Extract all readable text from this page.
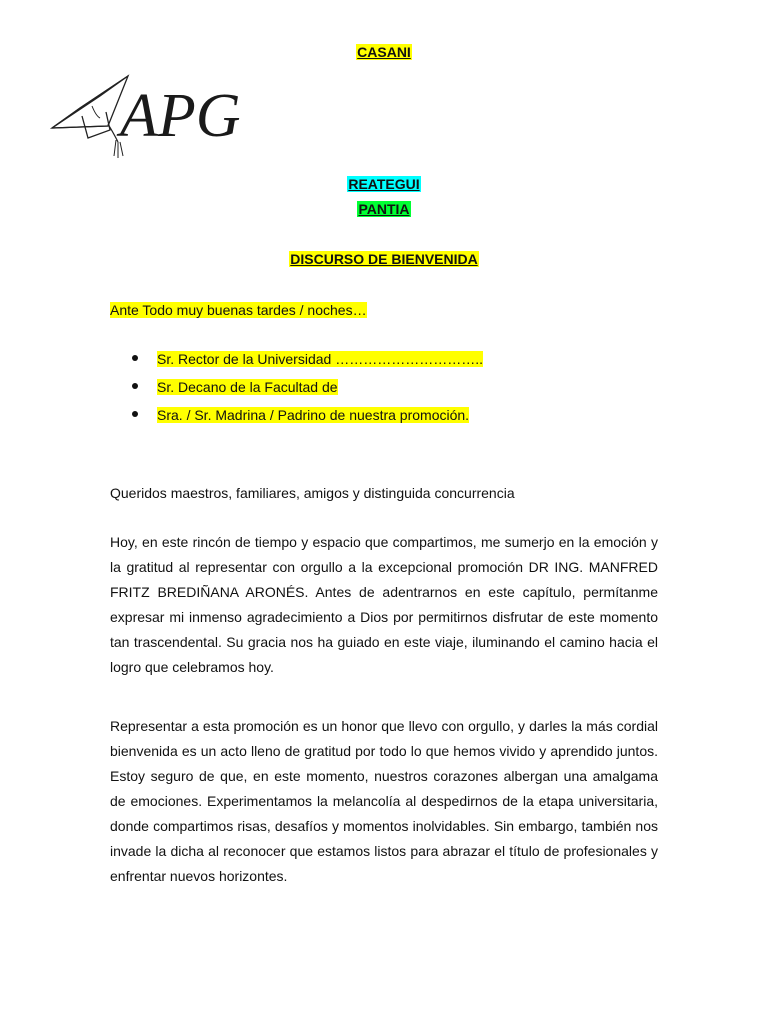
CASANI
APG
REATEGUI
PANTIA
DISCURSO DE BIENVENIDA
Ante Todo muy buenas tardes / noches…
Sr. Rector de la Universidad …………………………..
Sr. Decano de la Facultad de
Sra. / Sr. Madrina / Padrino de nuestra promoción.
Queridos maestros, familiares, amigos y distinguida concurrencia

Hoy, en este rincón de tiempo y espacio que compartimos, me sumerjo en la emoción y la gratitud al representar con orgullo a la excepcional promoción DR ING. MANFRED FRITZ BREDIÑANA ARONÉS. Antes de adentrarnos en este capítulo, permítanme expresar mi inmenso agradecimiento a Dios por permitirnos disfrutar de este momento tan trascendental. Su gracia nos ha guiado en este viaje, iluminando el camino hacia el logro que celebramos hoy.

Representar a esta promoción es un honor que llevo con orgullo, y darles la más cordial bienvenida es un acto lleno de gratitud por todo lo que hemos vivido y aprendido juntos. Estoy seguro de que, en este momento, nuestros corazones albergan una amalgama de emociones. Experimentamos la melancolía al despedirnos de la etapa universitaria, donde compartimos risas, desafíos y momentos inolvidables. Sin embargo, también nos invade la dicha al reconocer que estamos listos para abrazar el título de profesionales y enfrentar nuevos horizontes.
